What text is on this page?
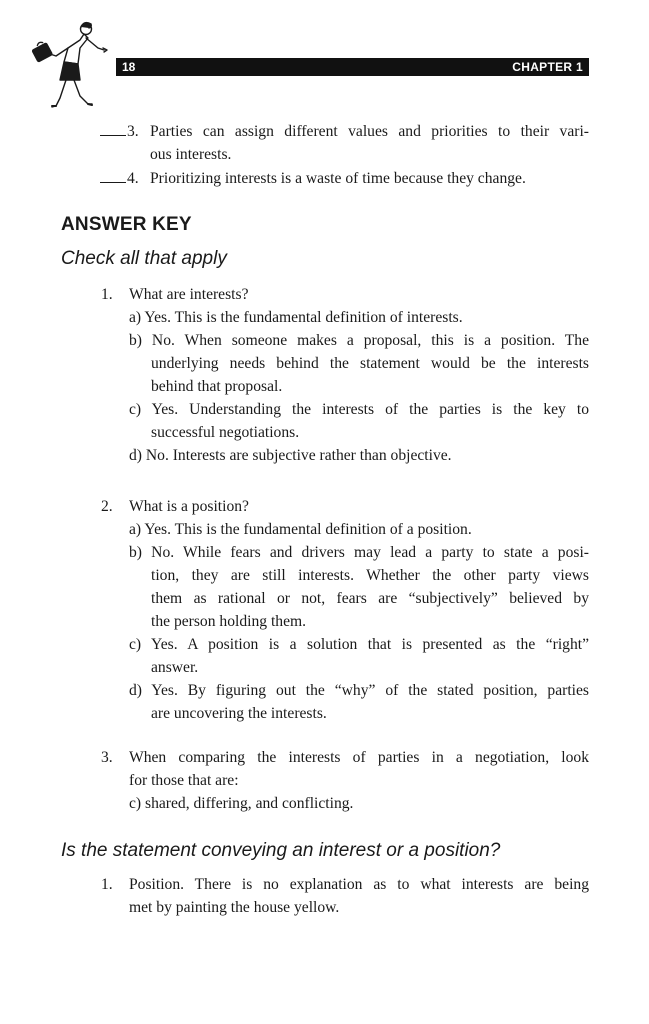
18	CHAPTER 1
3. Parties can assign different values and priorities to their vari-
ous interests.
4. Prioritizing interests is a waste of time because they change.
ANSWER KEY
Check all that apply
1. What are interests?
a) Yes. This is the fundamental definition of interests.
b) No. When someone makes a proposal, this is a position. The
underlying needs behind the statement would be the interests
behind that proposal.
c) Yes. Understanding the interests of the parties is the key to
successful negotiations.
d) No. Interests are subjective rather than objective.
2. What is a position?
a) Yes. This is the fundamental definition of a position.
b) No. While fears and drivers may lead a party to state a posi-
tion, they are still interests. Whether the other party views
them as rational or not, fears are “subjectively” believed by
the person holding them.
c) Yes. A position is a solution that is presented as the “right”
answer.
d) Yes. By figuring out the “why” of the stated position, parties
are uncovering the interests.
3. When comparing the interests of parties in a negotiation, look
for those that are:
c) shared, differing, and conflicting.
Is the statement conveying an interest or a position?
1. Position. There is no explanation as to what interests are being
met by painting the house yellow.
